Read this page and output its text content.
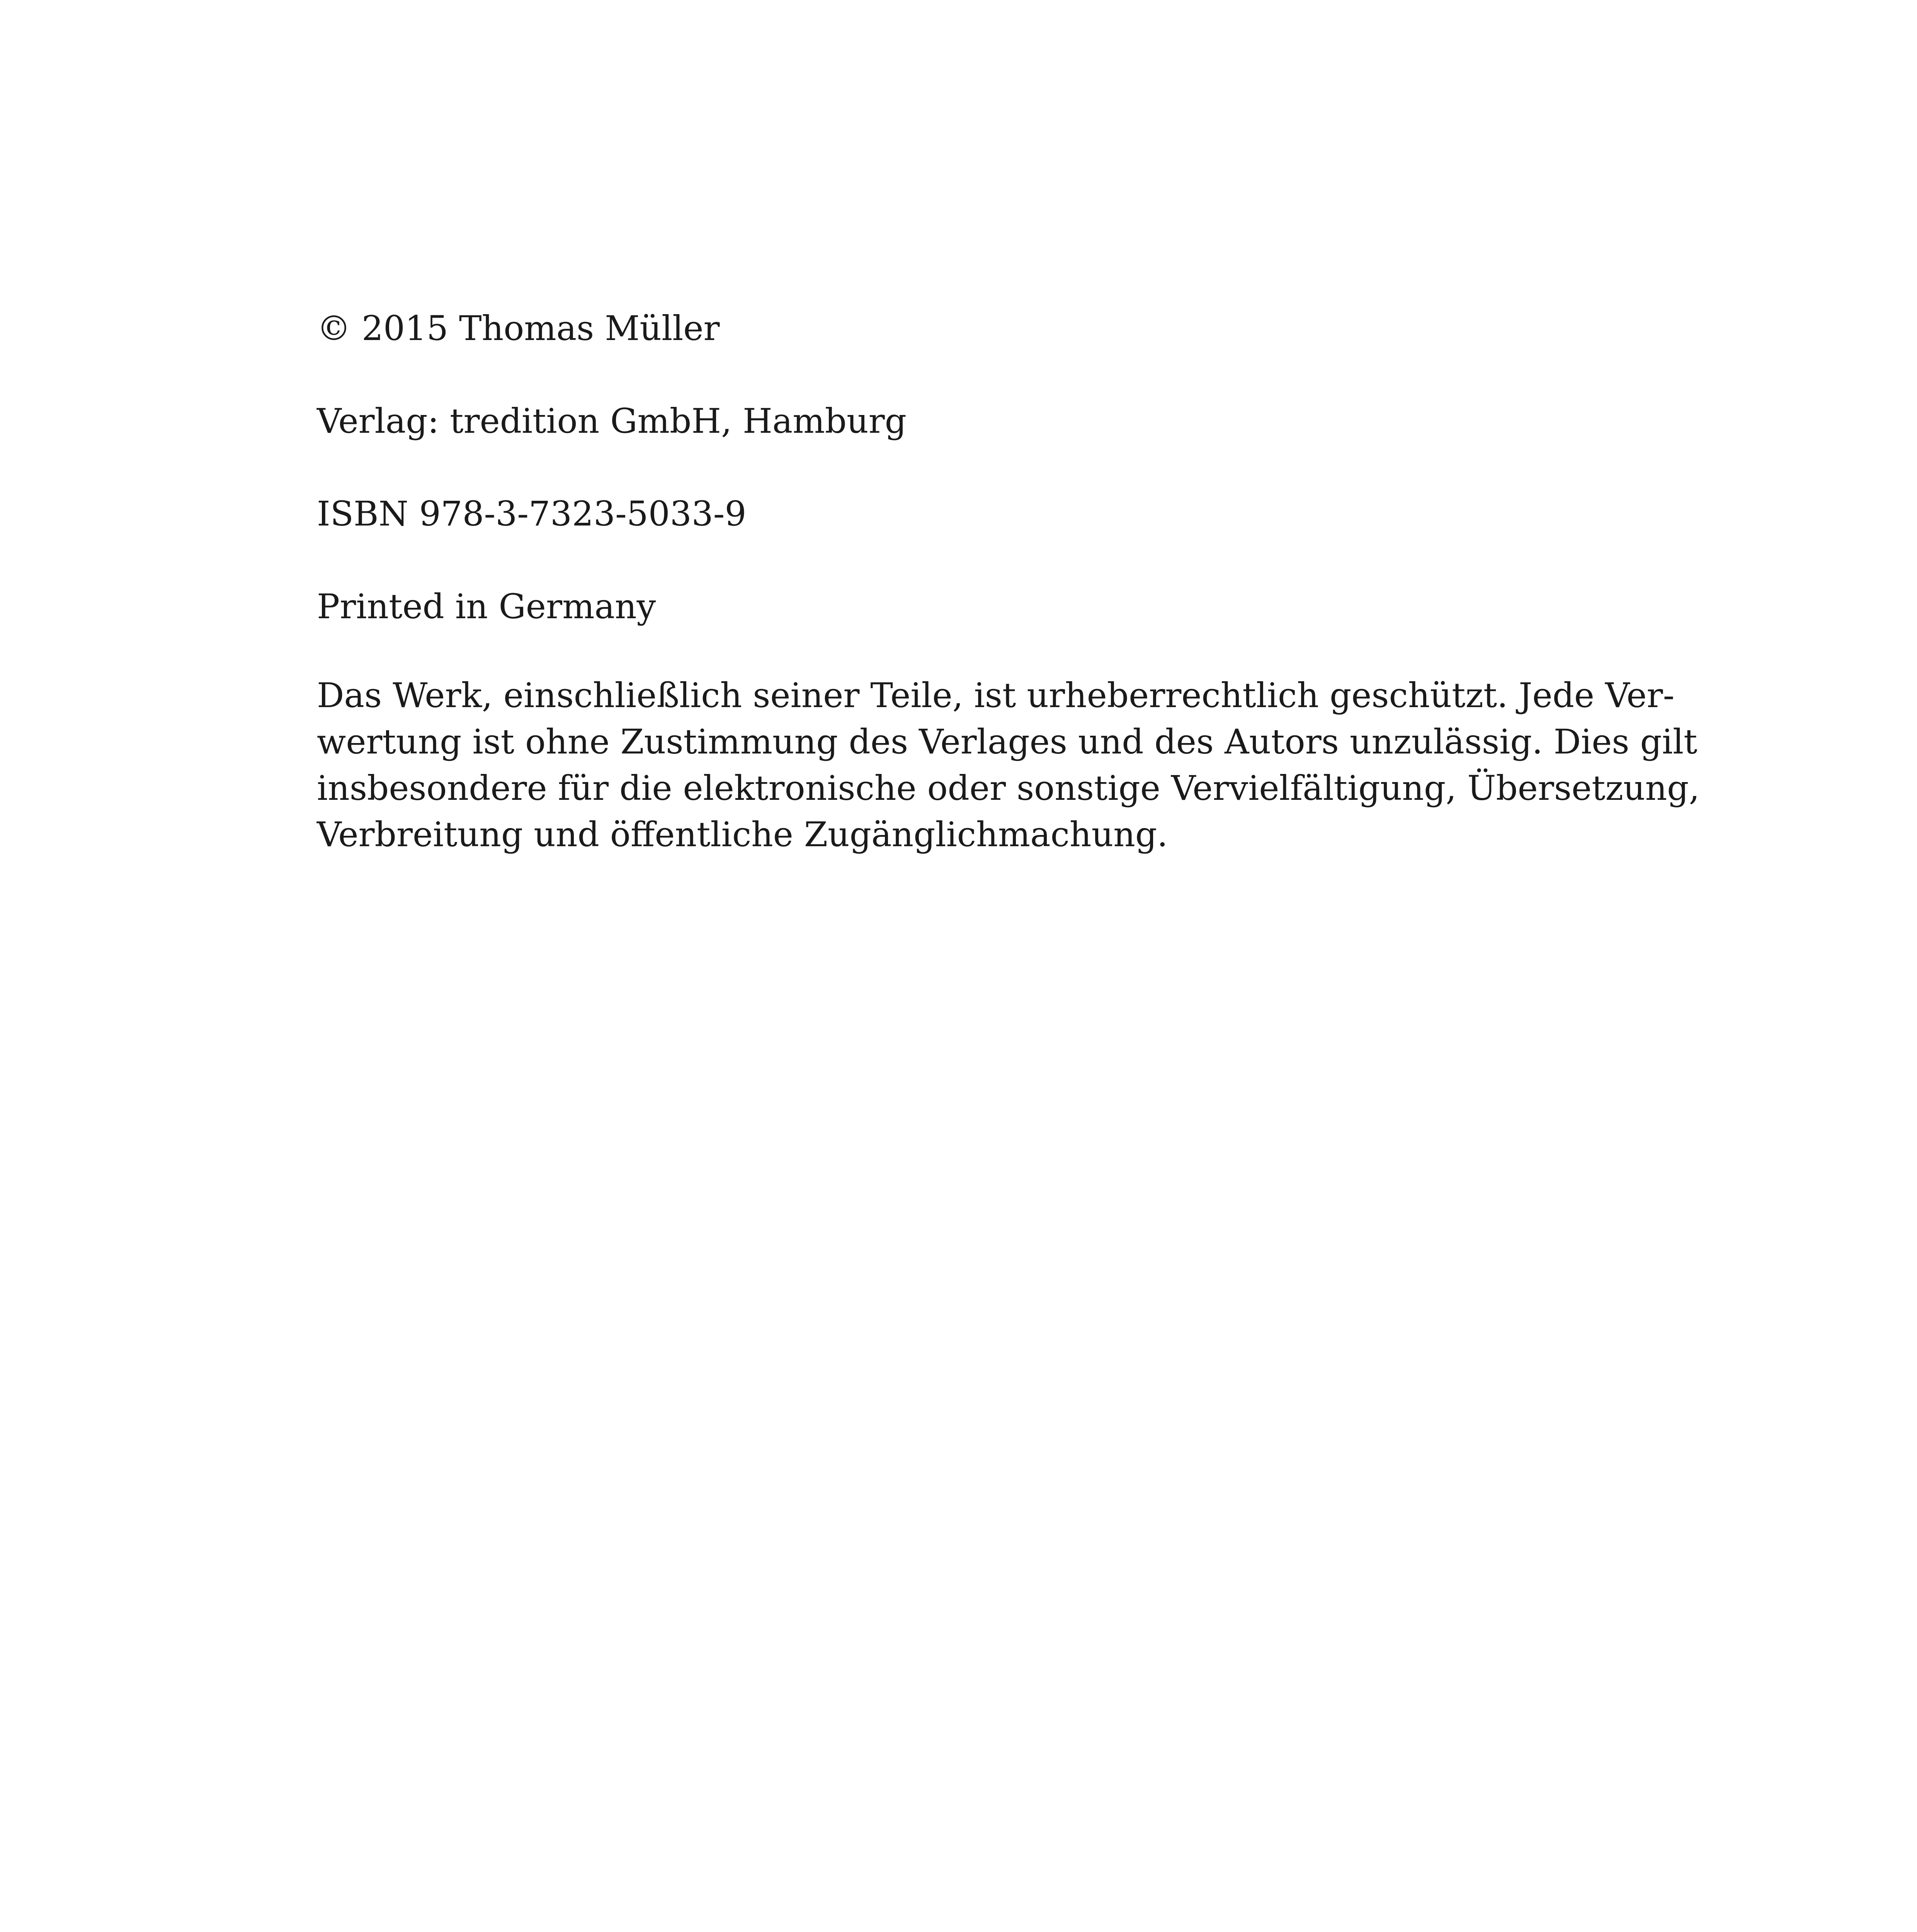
© 2015 Thomas Müller

Verlag: tredition GmbH, Hamburg

ISBN 978-3-7323-5033-9

Printed in Germany

Das Werk, einschließlich seiner Teile, ist urheberrechtlich geschützt. Jede Ver-
wertung ist ohne Zustimmung des Verlages und des Autors unzulässig. Dies gilt
insbesondere für die elektronische oder sonstige Vervielfältigung, Übersetzung,
Verbreitung und öffentliche Zugänglichmachung.
